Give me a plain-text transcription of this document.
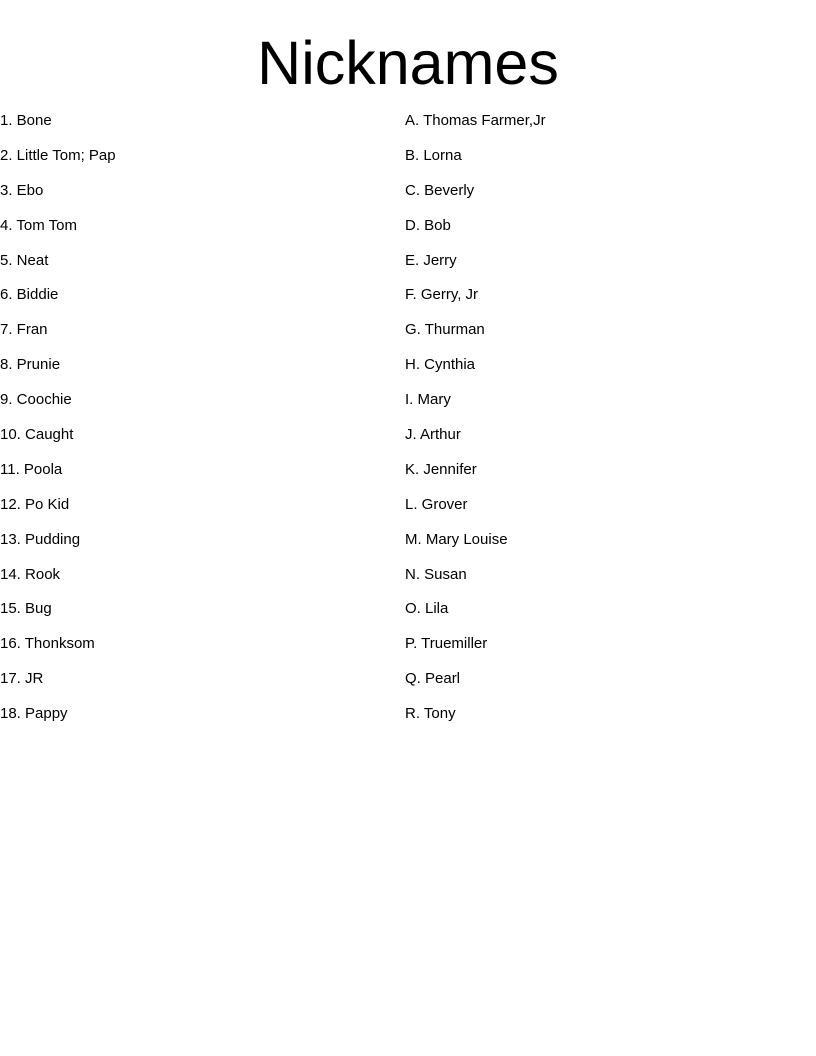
Nicknames
1. Bone
2. Little Tom; Pap
3. Ebo
4. Tom Tom
5. Neat
6. Biddie
7. Fran
8. Prunie
9. Coochie
10. Caught
11. Poola
12. Po Kid
13. Pudding
14. Rook
15. Bug
16. Thonksom
17. JR
18. Pappy
A. Thomas Farmer,Jr
B. Lorna
C. Beverly
D. Bob
E. Jerry
F. Gerry, Jr
G. Thurman
H. Cynthia
I. Mary
J. Arthur
K. Jennifer
L. Grover
M. Mary Louise
N. Susan
O. Lila
P. Truemiller
Q. Pearl
R. Tony
